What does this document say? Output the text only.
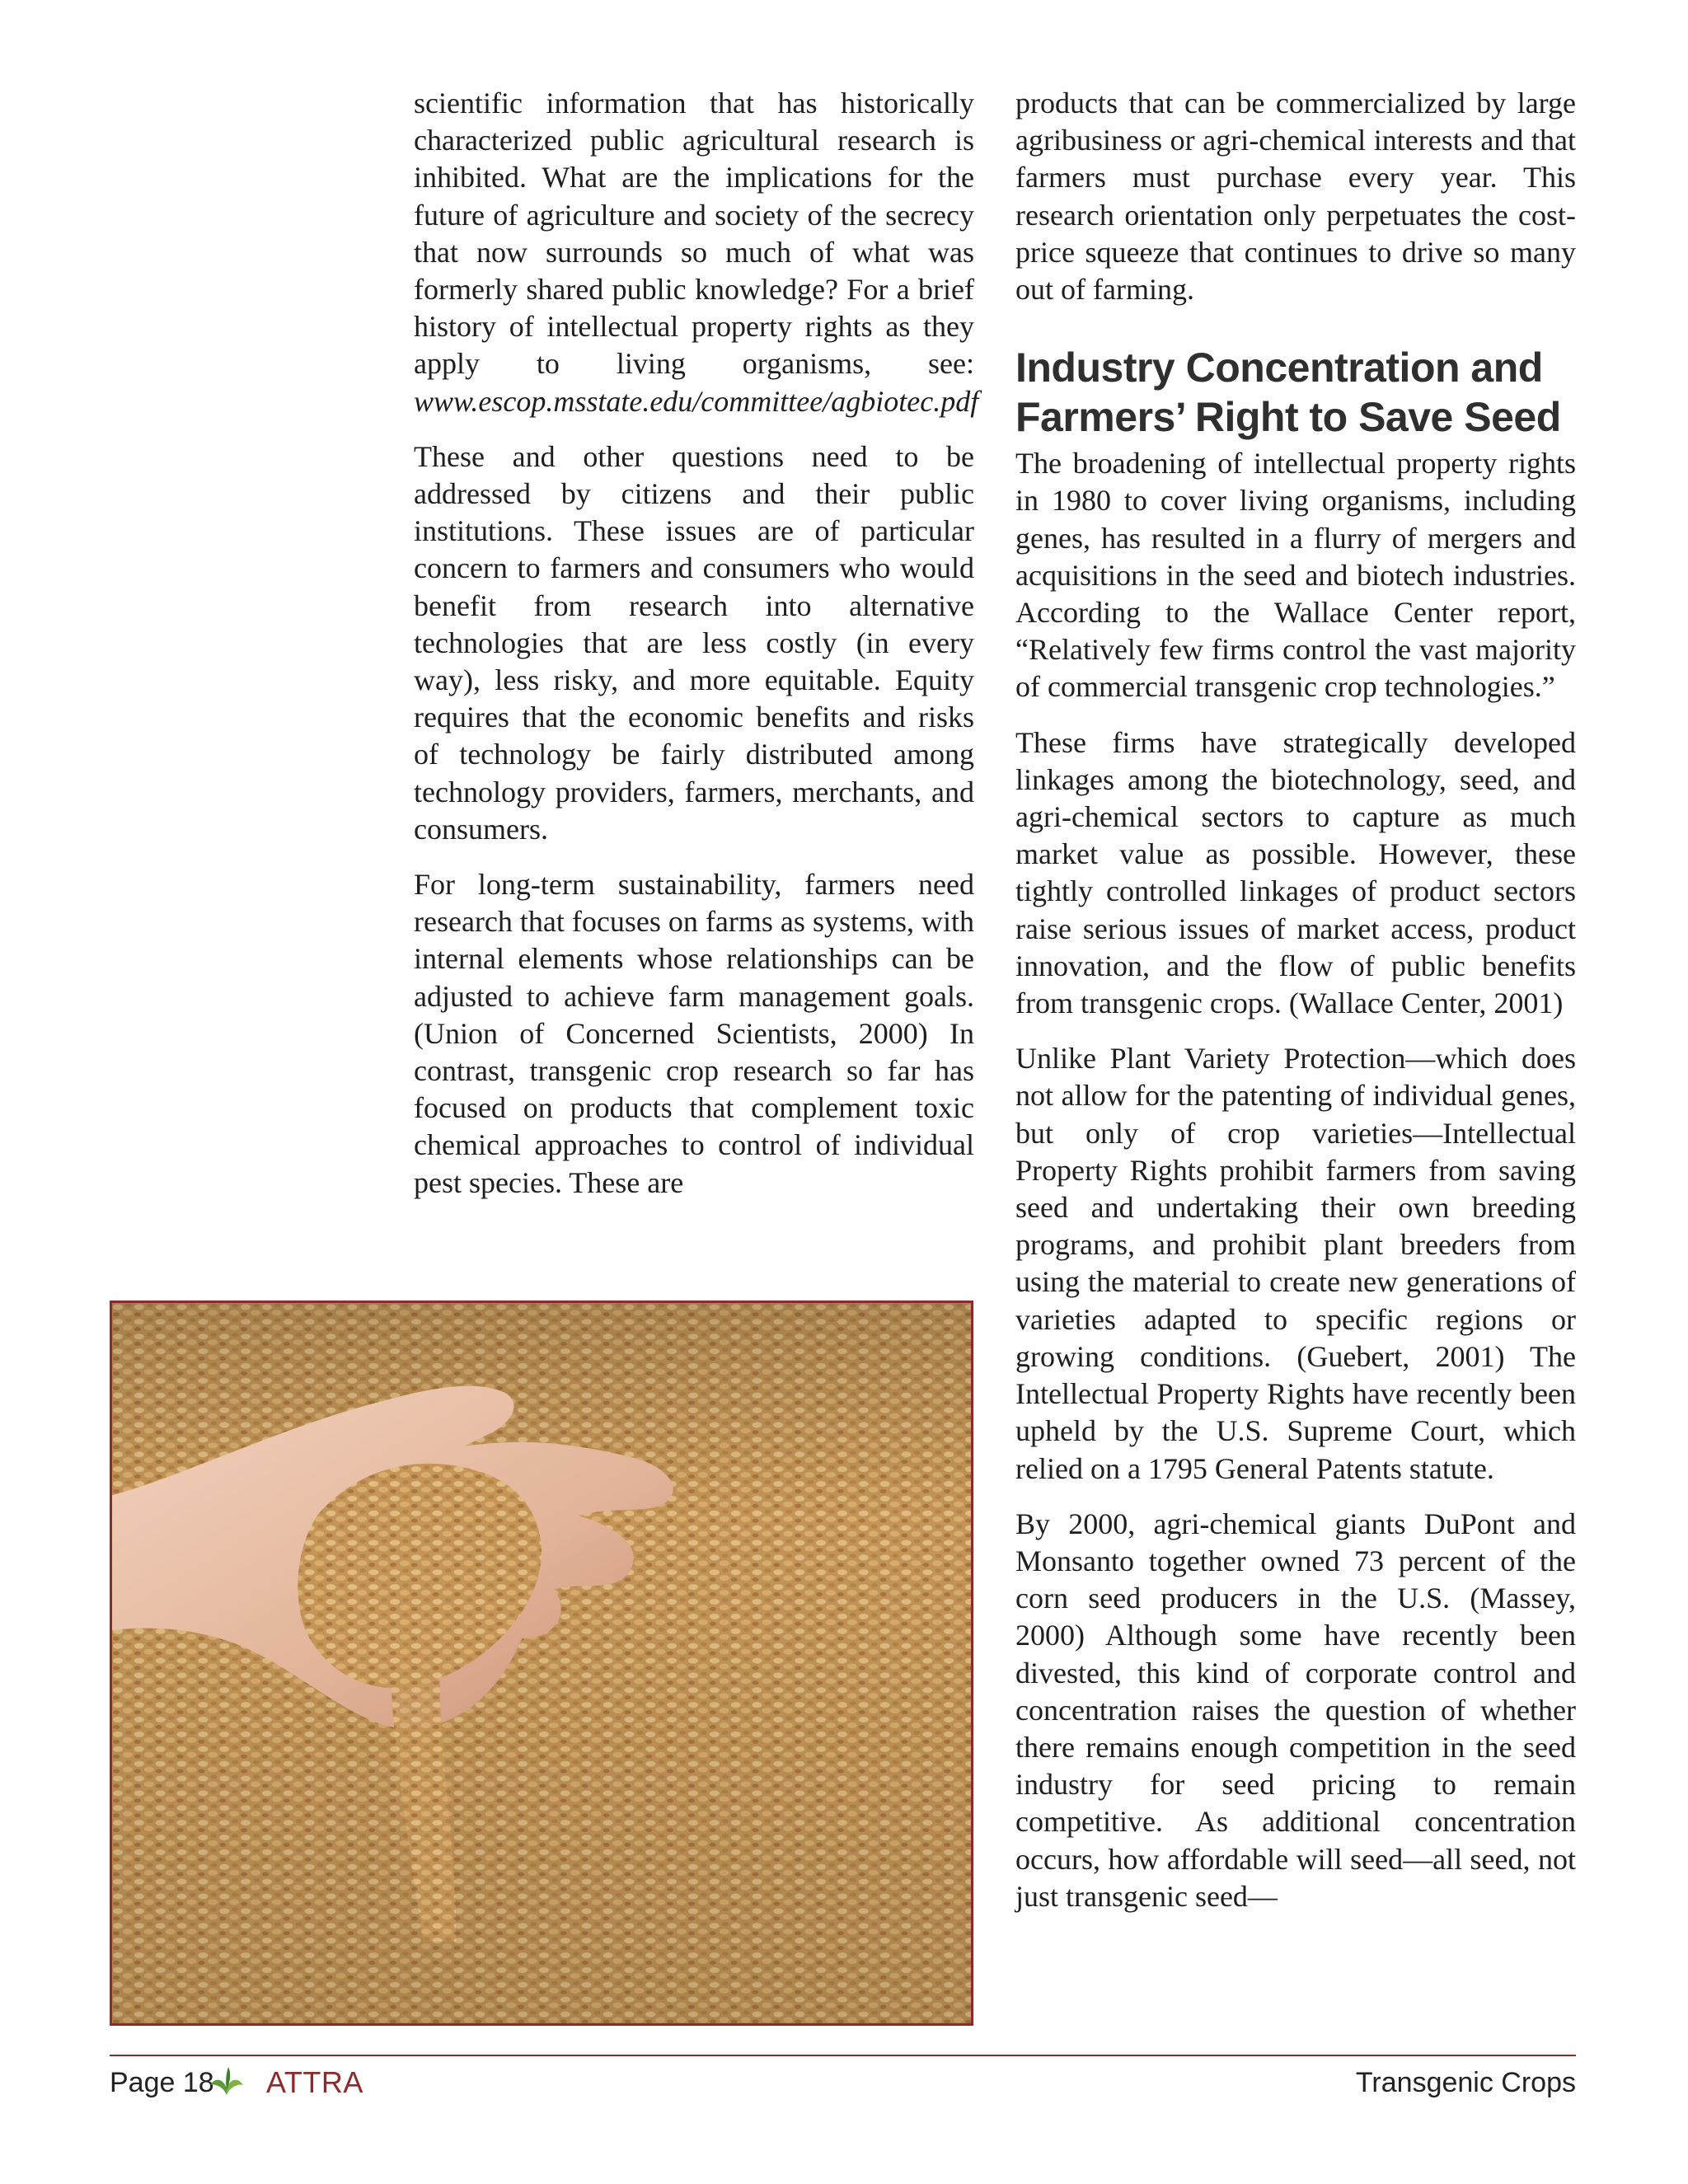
scientific information that has historically characterized public agricultural research is inhibited. What are the implications for the future of agriculture and society of the secrecy that now surrounds so much of what was formerly shared public knowledge? For a brief history of intellectual property rights as they apply to living organisms, see: www.escop.msstate.edu/committee/agbiotec.pdf

These and other questions need to be addressed by citizens and their public institutions. These issues are of particular concern to farmers and consumers who would benefit from research into alternative technologies that are less costly (in every way), less risky, and more equitable. Equity requires that the economic benefits and risks of technology be fairly distributed among technology providers, farmers, merchants, and consumers.

For long-term sustainability, farmers need research that focuses on farms as systems, with internal elements whose relationships can be adjusted to achieve farm management goals. (Union of Concerned Scientists, 2000) In contrast, transgenic crop research so far has focused on products that complement toxic chemical approaches to control of individual pest species. These are

products that can be commercialized by large agribusiness or agri-chemical interests and that farmers must purchase every year. This research orientation only perpetuates the cost-price squeeze that continues to drive so many out of farming.

Industry Concentration and Farmers’ Right to Save Seed

The broadening of intellectual property rights in 1980 to cover living organisms, including genes, has resulted in a flurry of mergers and acquisitions in the seed and biotech industries. According to the Wallace Center report, “Relatively few firms control the vast majority of commercial transgenic crop technologies.”

These firms have strategically developed linkages among the biotechnology, seed, and agri-chemical sectors to capture as much market value as possible. However, these tightly controlled linkages of product sectors raise serious issues of market access, product innovation, and the flow of public benefits from transgenic crops. (Wallace Center, 2001)

Unlike Plant Variety Protection—which does not allow for the patenting of individual genes, but only of crop varieties—Intellectual Property Rights prohibit farmers from saving seed and undertaking their own breeding programs, and prohibit plant breeders from using the material to create new generations of varieties adapted to specific regions or growing conditions. (Guebert, 2001) The Intellectual Property Rights have recently been upheld by the U.S. Supreme Court, which relied on a 1795 General Patents statute.

By 2000, agri-chemical giants DuPont and Monsanto together owned 73 percent of the corn seed producers in the U.S. (Massey, 2000) Although some have recently been divested, this kind of corporate control and concentration raises the question of whether there remains enough competition in the seed industry for seed pricing to remain competitive. As additional concentration occurs, how affordable will seed—all seed, not just transgenic seed—

Page 18 ATTRA	Transgenic Crops
